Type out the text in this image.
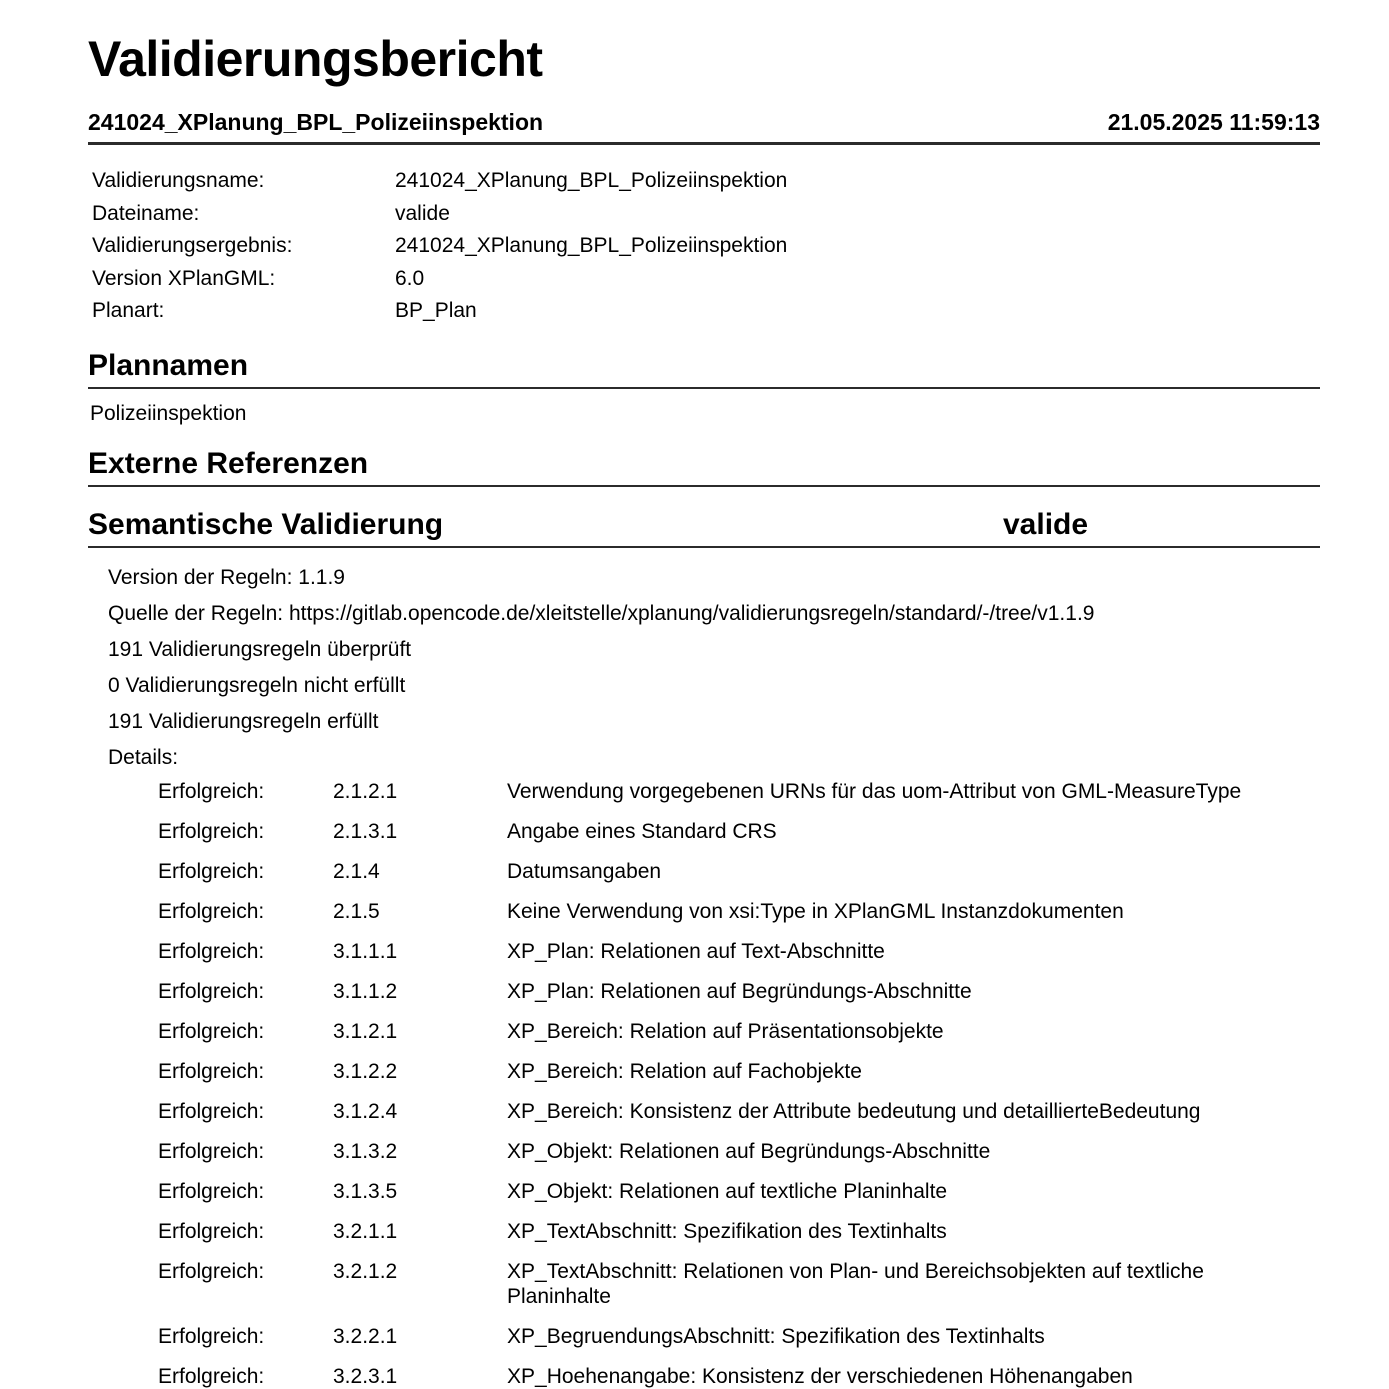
Validierungsbericht
241024_XPlanung_BPL_Polizeiinspektion	21.05.2025 11:59:13
Validierungsname:	241024_XPlanung_BPL_Polizeiinspektion
Dateiname:	valide
Validierungsergebnis:	241024_XPlanung_BPL_Polizeiinspektion
Version XPlanGML:	6.0
Planart:	BP_Plan
Plannamen
Polizeiinspektion
Externe Referenzen
Semantische Validierung	valide
Version der Regeln: 1.1.9
Quelle der Regeln: https://gitlab.opencode.de/xleitstelle/xplanung/validierungsregeln/standard/-/tree/v1.1.9
191 Validierungsregeln überprüft
0 Validierungsregeln nicht erfüllt
191 Validierungsregeln erfüllt
Details:
Erfolgreich:	2.1.2.1	Verwendung vorgegebenen URNs für das uom-Attribut von GML-MeasureType
Erfolgreich:	2.1.3.1	Angabe eines Standard CRS
Erfolgreich:	2.1.4	Datumsangaben
Erfolgreich:	2.1.5	Keine Verwendung von xsi:Type in XPlanGML Instanzdokumenten
Erfolgreich:	3.1.1.1	XP_Plan: Relationen auf Text-Abschnitte
Erfolgreich:	3.1.1.2	XP_Plan: Relationen auf Begründungs-Abschnitte
Erfolgreich:	3.1.2.1	XP_Bereich: Relation auf Präsentationsobjekte
Erfolgreich:	3.1.2.2	XP_Bereich: Relation auf Fachobjekte
Erfolgreich:	3.1.2.4	XP_Bereich: Konsistenz der Attribute bedeutung und detaillierteBedeutung
Erfolgreich:	3.1.3.2	XP_Objekt: Relationen auf Begründungs-Abschnitte
Erfolgreich:	3.1.3.5	XP_Objekt: Relationen auf textliche Planinhalte
Erfolgreich:	3.2.1.1	XP_TextAbschnitt: Spezifikation des Textinhalts
Erfolgreich:	3.2.1.2	XP_TextAbschnitt: Relationen von Plan- und Bereichsobjekten auf textliche Planinhalte
Erfolgreich:	3.2.2.1	XP_BegruendungsAbschnitt: Spezifikation des Textinhalts
Erfolgreich:	3.2.3.1	XP_Hoehenangabe: Konsistenz der verschiedenen Höhenangaben
